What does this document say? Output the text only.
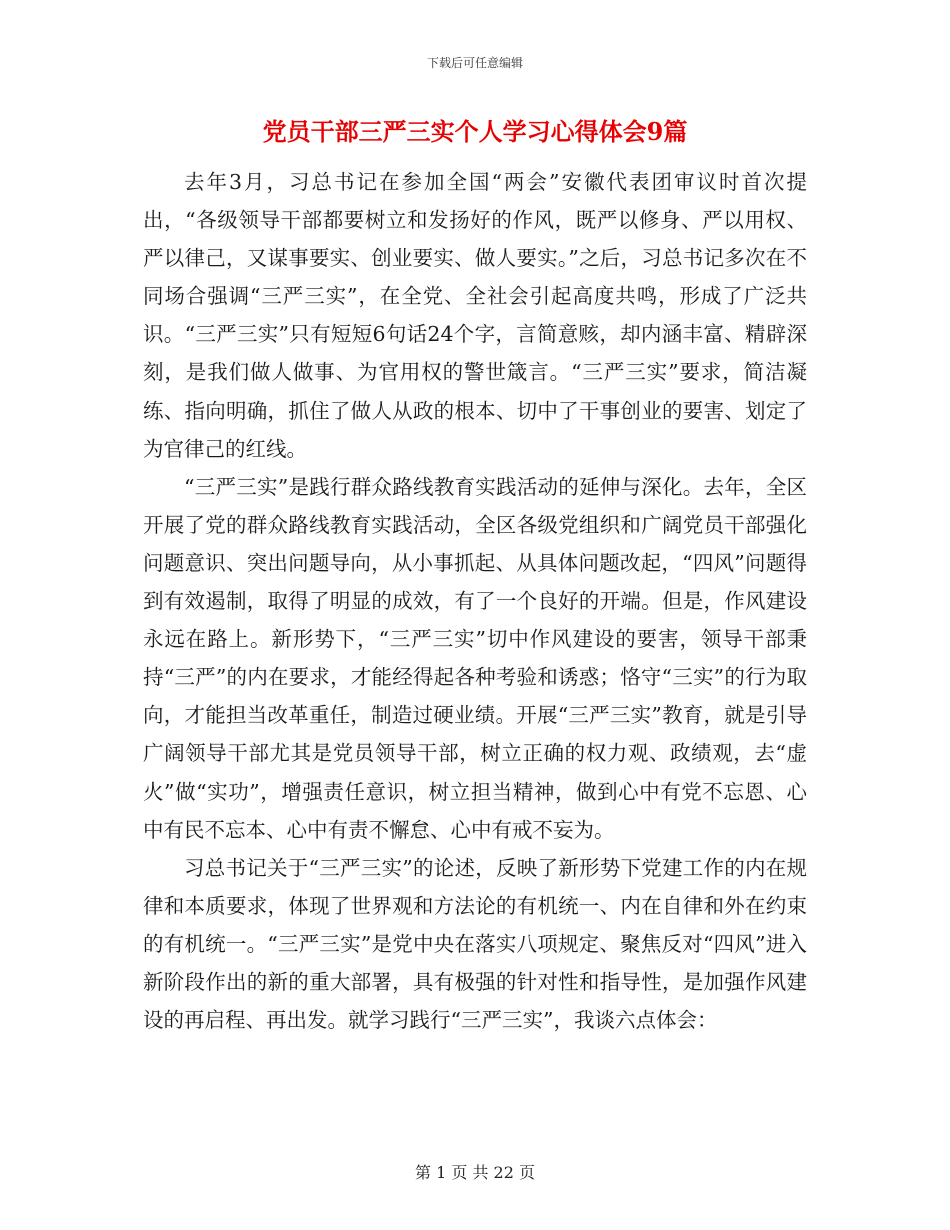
下载后可任意编辑
党员干部三严三实个人学习心得体会9篇

去年3月，习总书记在参加全国“两会”安徽代表团审议时首次提出，“各级领导干部都要树立和发扬好的作风，既严以修身、严以用权、严以律己，又谋事要实、创业要实、做人要实。”之后，习总书记多次在不同场合强调“三严三实”，在全党、全社会引起高度共鸣，形成了广泛共识。“三严三实”只有短短6句话24个字，言简意赅，却内涵丰富、精辟深刻，是我们做人做事、为官用权的警世箴言。“三严三实”要求，简洁凝练、指向明确，抓住了做人从政的根本、切中了干事创业的要害、划定了为官律己的红线。

“三严三实”是践行群众路线教育实践活动的延伸与深化。去年，全区开展了党的群众路线教育实践活动，全区各级党组织和广阔党员干部强化问题意识、突出问题导向，从小事抓起、从具体问题改起，“四风”问题得到有效遏制，取得了明显的成效，有了一个良好的开端。但是，作风建设永远在路上。新形势下，“三严三实”切中作风建设的要害，领导干部秉持“三严”的内在要求，才能经得起各种考验和诱惑；恪守“三实”的行为取向，才能担当改革重任，制造过硬业绩。开展“三严三实”教育，就是引导广阔领导干部尤其是党员领导干部，树立正确的权力观、政绩观，去“虚火”做“实功”，增强责任意识，树立担当精神，做到心中有党不忘恩、心中有民不忘本、心中有责不懈怠、心中有戒不妄为。

习总书记关于“三严三实”的论述，反映了新形势下党建工作的内在规律和本质要求，体现了世界观和方法论的有机统一、内在自律和外在约束的有机统一。“三严三实”是党中央在落实八项规定、聚焦反对“四风”进入新阶段作出的新的重大部署，具有极强的针对性和指导性，是加强作风建设的再启程、再出发。就学习践行“三严三实”，我谈六点体会：

第 1 页 共 22 页
